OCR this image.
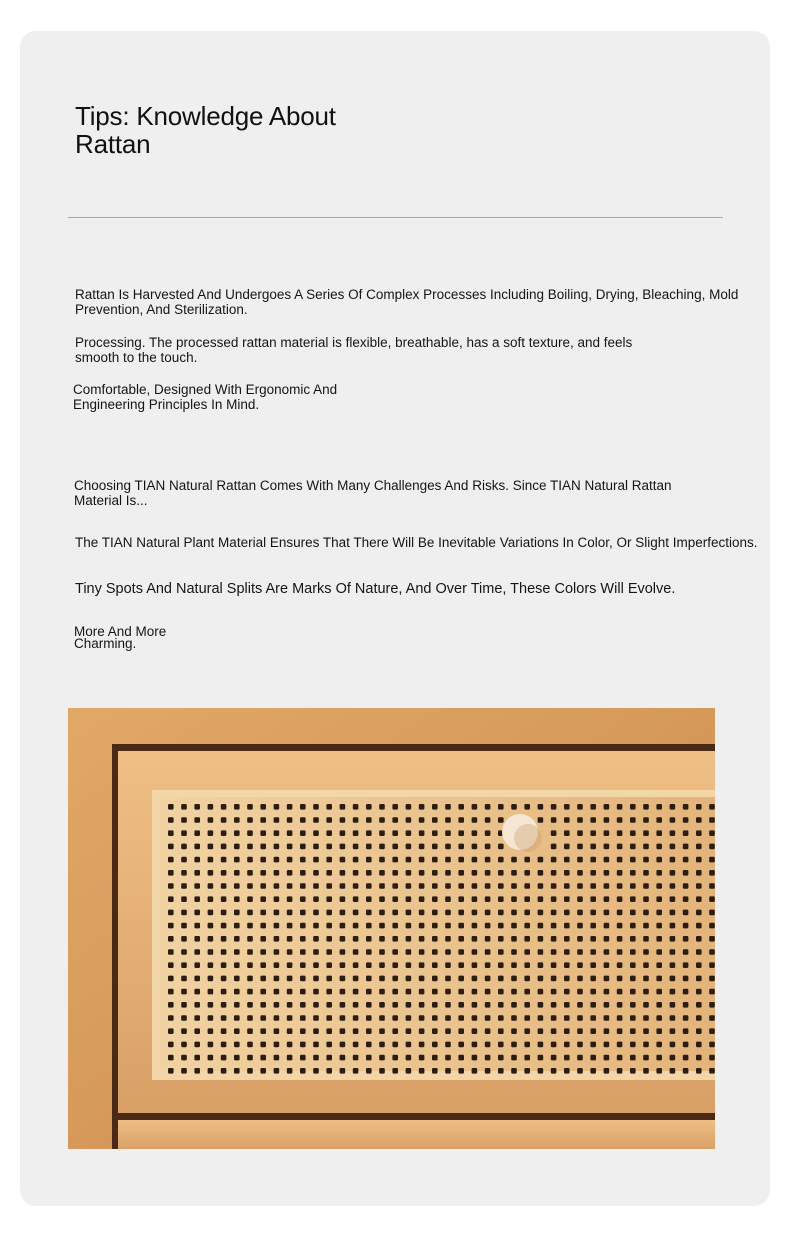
Tips: Knowledge About Rattan

Rattan Is Harvested And Undergoes A Series Of Complex Processes Including Boiling, Drying, Bleaching, Mold Prevention, And Sterilization.

Processing. The processed rattan material is flexible, breathable, has a soft texture, and feels smooth to the touch.

Comfortable, Designed With Ergonomic And Engineering Principles In Mind.

Choosing TIAN Natural Rattan Comes With Many Challenges And Risks. Since TIAN Natural Rattan Material Is...

The TIAN Natural Plant Material Ensures That There Will Be Inevitable Variations In Color, Or Slight Imperfections.

Tiny Spots And Natural Splits Are Marks Of Nature, And Over Time, These Colors Will Evolve.

More And More Charming.
